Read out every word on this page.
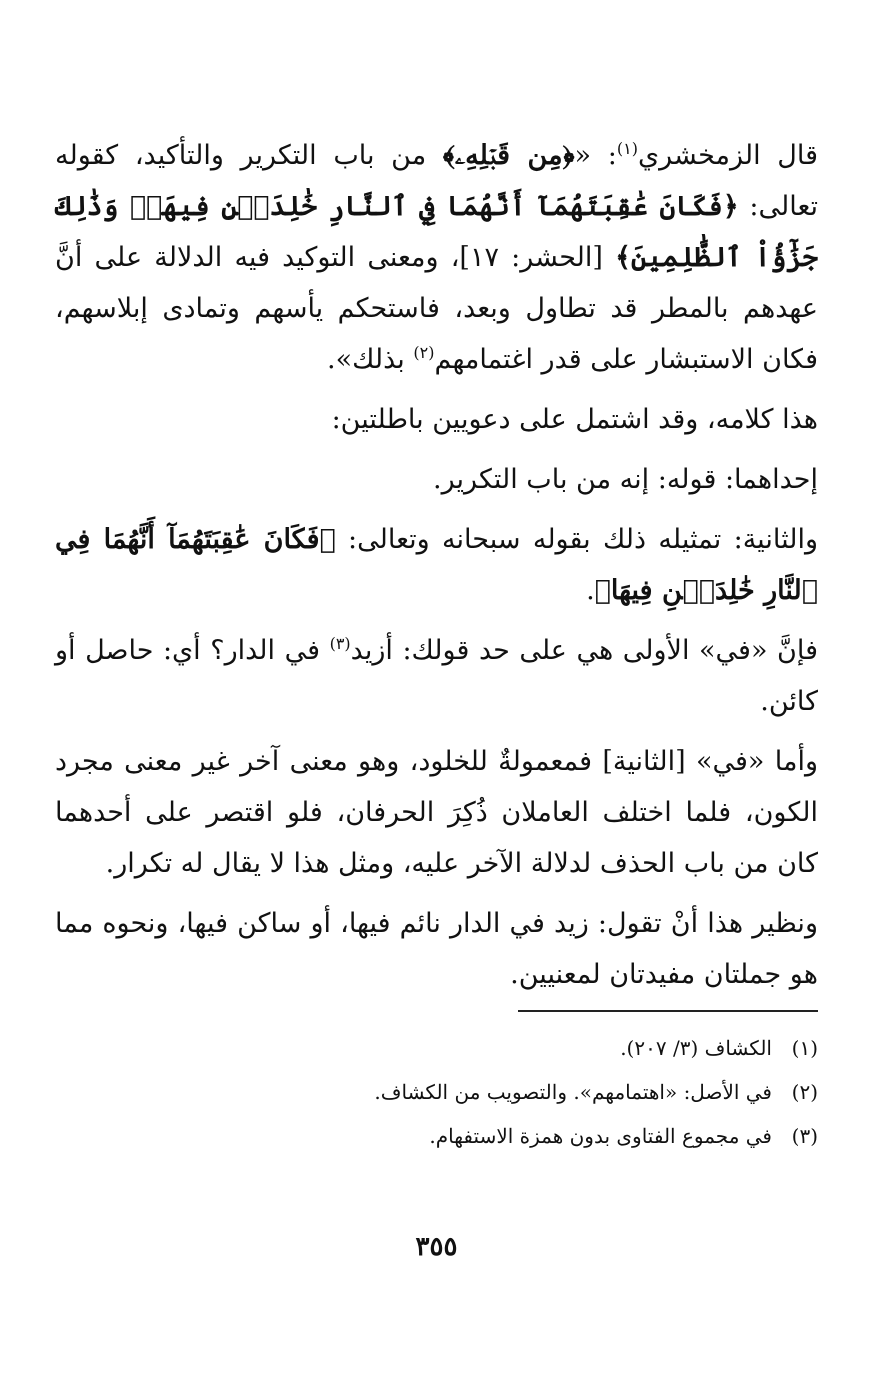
قال الزمخشري$^{(١)}$: «﴿مِن قَبۡلِهِۦ﴾ من باب التكرير والتأكيد، كقوله تعالى: ﴿فَكَانَ عَٰقِبَتَهُمَآ أَنَّهُمَا فِي ٱلنَّارِ خَٰلِدَيۡنِ فِيهَاۚ وَذَٰلِكَ جَزَٰٓؤُاْ ٱلظَّٰلِمِينَ﴾ [الحشر: ١٧]، ومعنى التوكيد فيه الدلالة على أنَّ عهدهم بالمطر قد تطاول وبعد، فاستحكم يأسهم وتمادى إبلاسهم، فكان الاستبشار على قدر اغتمامهم$^{(٢)}$ بذلك».

هذا كلامه، وقد اشتمل على دعويين باطلتين:

إحداهما: قوله: إنه من باب التكرير.

والثانية: تمثيله ذلك بقوله سبحانه وتعالى: ﴿فَكَانَ عَٰقِبَتَهُمَآ أَنَّهُمَا فِي ٱلنَّارِ خَٰلِدَيۡنِ فِيهَا﴾.

فإنَّ «في» الأولى هي على حد قولك: أزيد$^{(٣)}$ في الدار؟ أي: حاصل أو كائن.

وأما «في» [الثانية] فمعمولةٌ للخلود، وهو معنى آخر غير معنى مجرد الكون، فلما اختلف العاملان ذُكِرَ الحرفان، فلو اقتصر على أحدهما كان من باب الحذف لدلالة الآخر عليه، ومثل هذا لا يقال له تكرار.

ونظير هذا أنْ تقول: زيد في الدار نائم فيها، أو ساكن فيها، ونحوه مما هو جملتان مفيدتان لمعنيين.

(١)الكشاف (٣/ ٢٠٧).

(٢)في الأصل: «اهتمامهم». والتصويب من الكشاف.

(٣)في مجموع الفتاوى بدون همزة الاستفهام.

٣٥٥
